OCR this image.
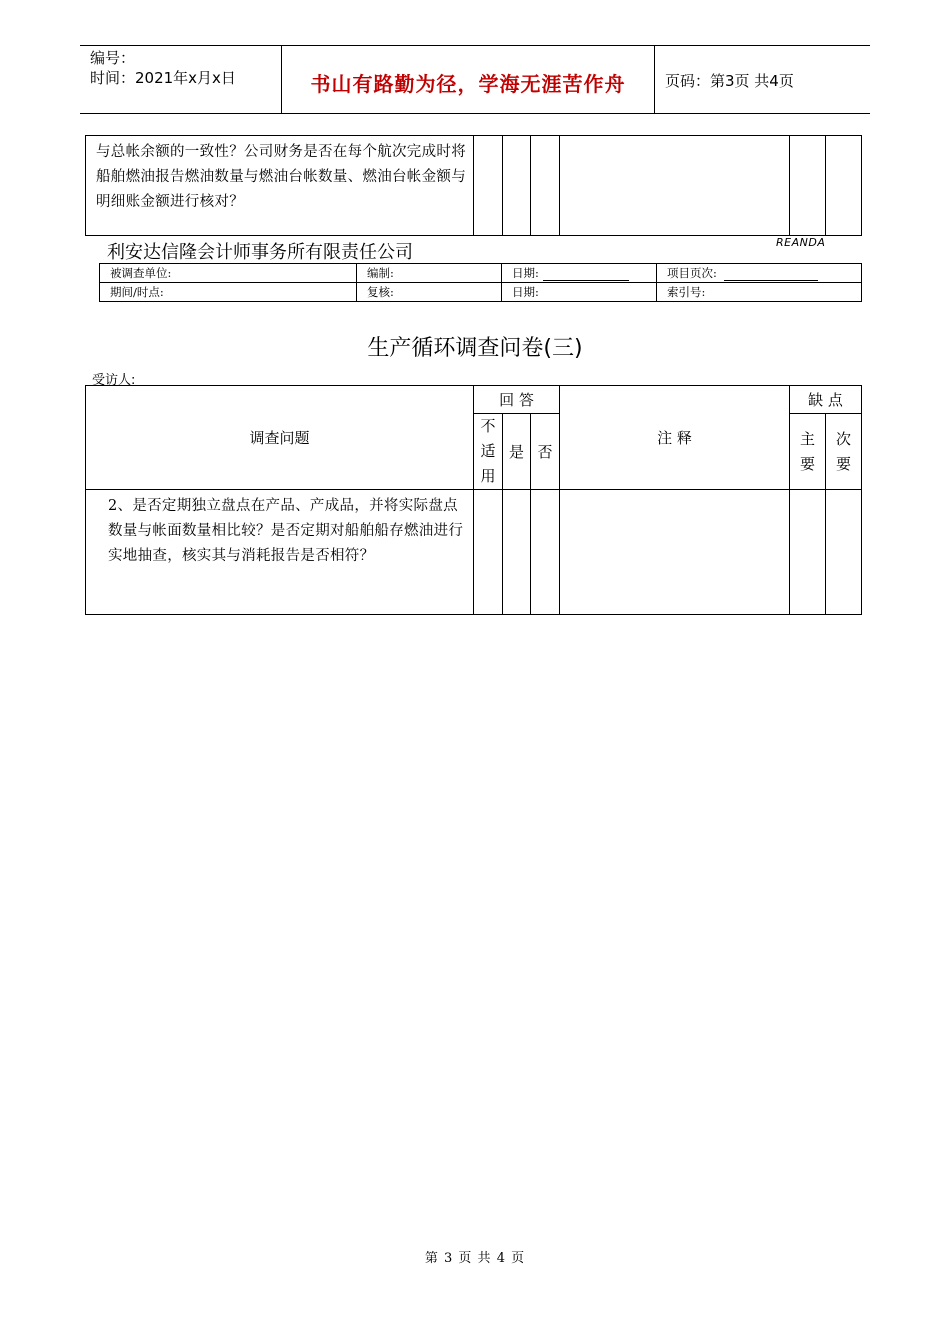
编号：
时间：2021年x月x日	书山有路勤为径，学海无涯苦作舟	页码：第3页 共4页
与总帐余额的一致性？公司财务是否在每个航次完成时将船舶燃油报告燃油数量与燃油台帐数量、燃油台帐金额与明细账金额进行核对？						
利安达信隆会计师事务所有限责任公司	REANDA
被调查单位:	编制:	日期:	项目页次:
期间/时点:	复核:	日期:	索引号:
生产循环调查问卷(三)
受访人:
调查问题	回 答			注 释	缺 点	

	不适用	是	否		主要	次要

2、是否定期独立盘点在产品、产成品，并将实际盘点数量与帐面数量相比较？是否定期对船舶船存燃油进行实地抽查，核实其与消耗报告是否相符？						
第 3 页 共 4 页
